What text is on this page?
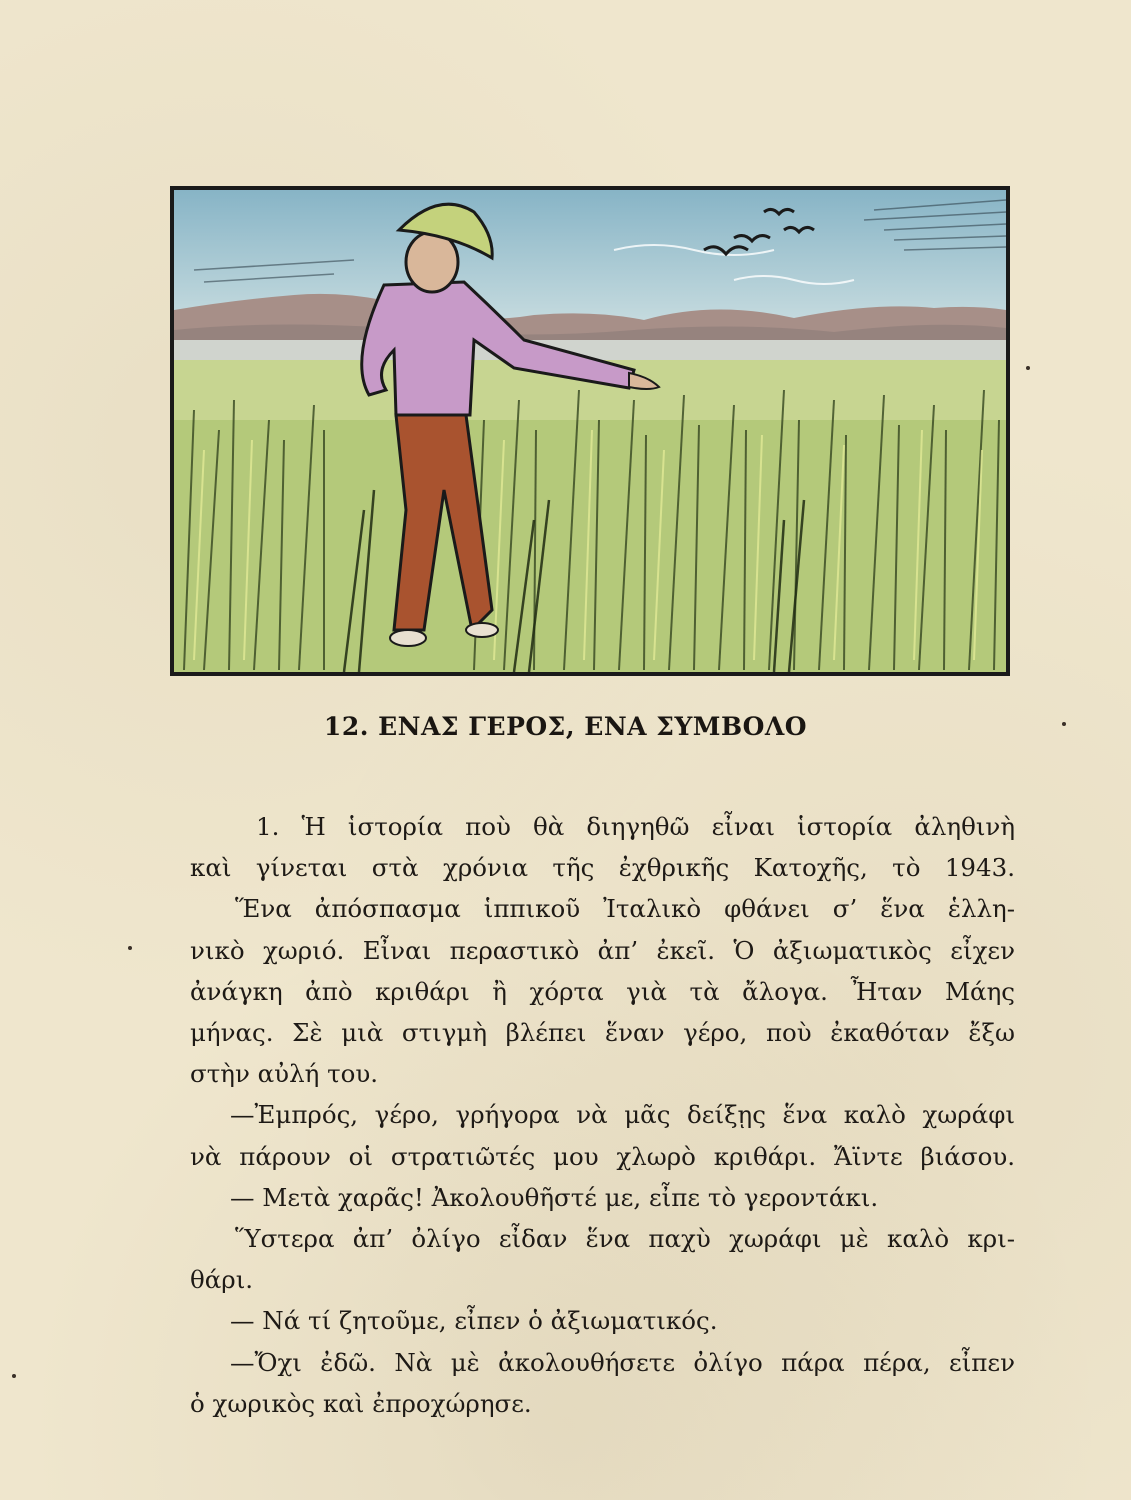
12. ΕΝΑΣ ΓΕΡΟΣ, ΕΝΑ ΣΥΜΒΟΛΟ
1. Ἡ ἱστορία ποὺ θὰ διηγηθῶ εἶναι ἱστορία ἀληθινὴ
καὶ γίνεται στὰ χρόνια τῆς ἐχθρικῆς Κατοχῆς, τὸ 1943.
Ἕνα ἀπόσπασμα ἱππικοῦ Ἰταλικὸ φθάνει σ’ ἕνα ἑλλη-
νικὸ χωριό. Εἶναι περαστικὸ ἀπ’ ἐκεῖ. Ὁ ἀξιωματικὸς εἶχεν
ἀνάγκη ἀπὸ κριθάρι ἢ χόρτα γιὰ τὰ ἄλογα. Ἦταν Μάης
μήνας. Σὲ μιὰ στιγμὴ βλέπει ἕναν γέρο, ποὺ ἐκαθόταν ἔξω
στὴν αὐλή του.
—Ἐμπρός, γέρο, γρήγορα νὰ μᾶς δείξῃς ἕνα καλὸ χωράφι
νὰ πάρουν οἱ στρατιῶτές μου χλωρὸ κριθάρι. Ἄϊντε βιάσου.
— Μετὰ χαρᾶς! Ἀκολουθῆστέ με, εἶπε τὸ γεροντάκι.
Ὕστερα ἀπ’ ὀλίγο εἶδαν ἕνα παχὺ χωράφι μὲ καλὸ κρι-
θάρι.
— Νά τί ζητοῦμε, εἶπεν ὁ ἀξιωματικός.
—Ὄχι ἐδῶ. Νὰ μὲ ἀκολουθήσετε ὀλίγο πάρα πέρα, εἶπεν
ὁ χωρικὸς καὶ ἐπροχώρησε.
